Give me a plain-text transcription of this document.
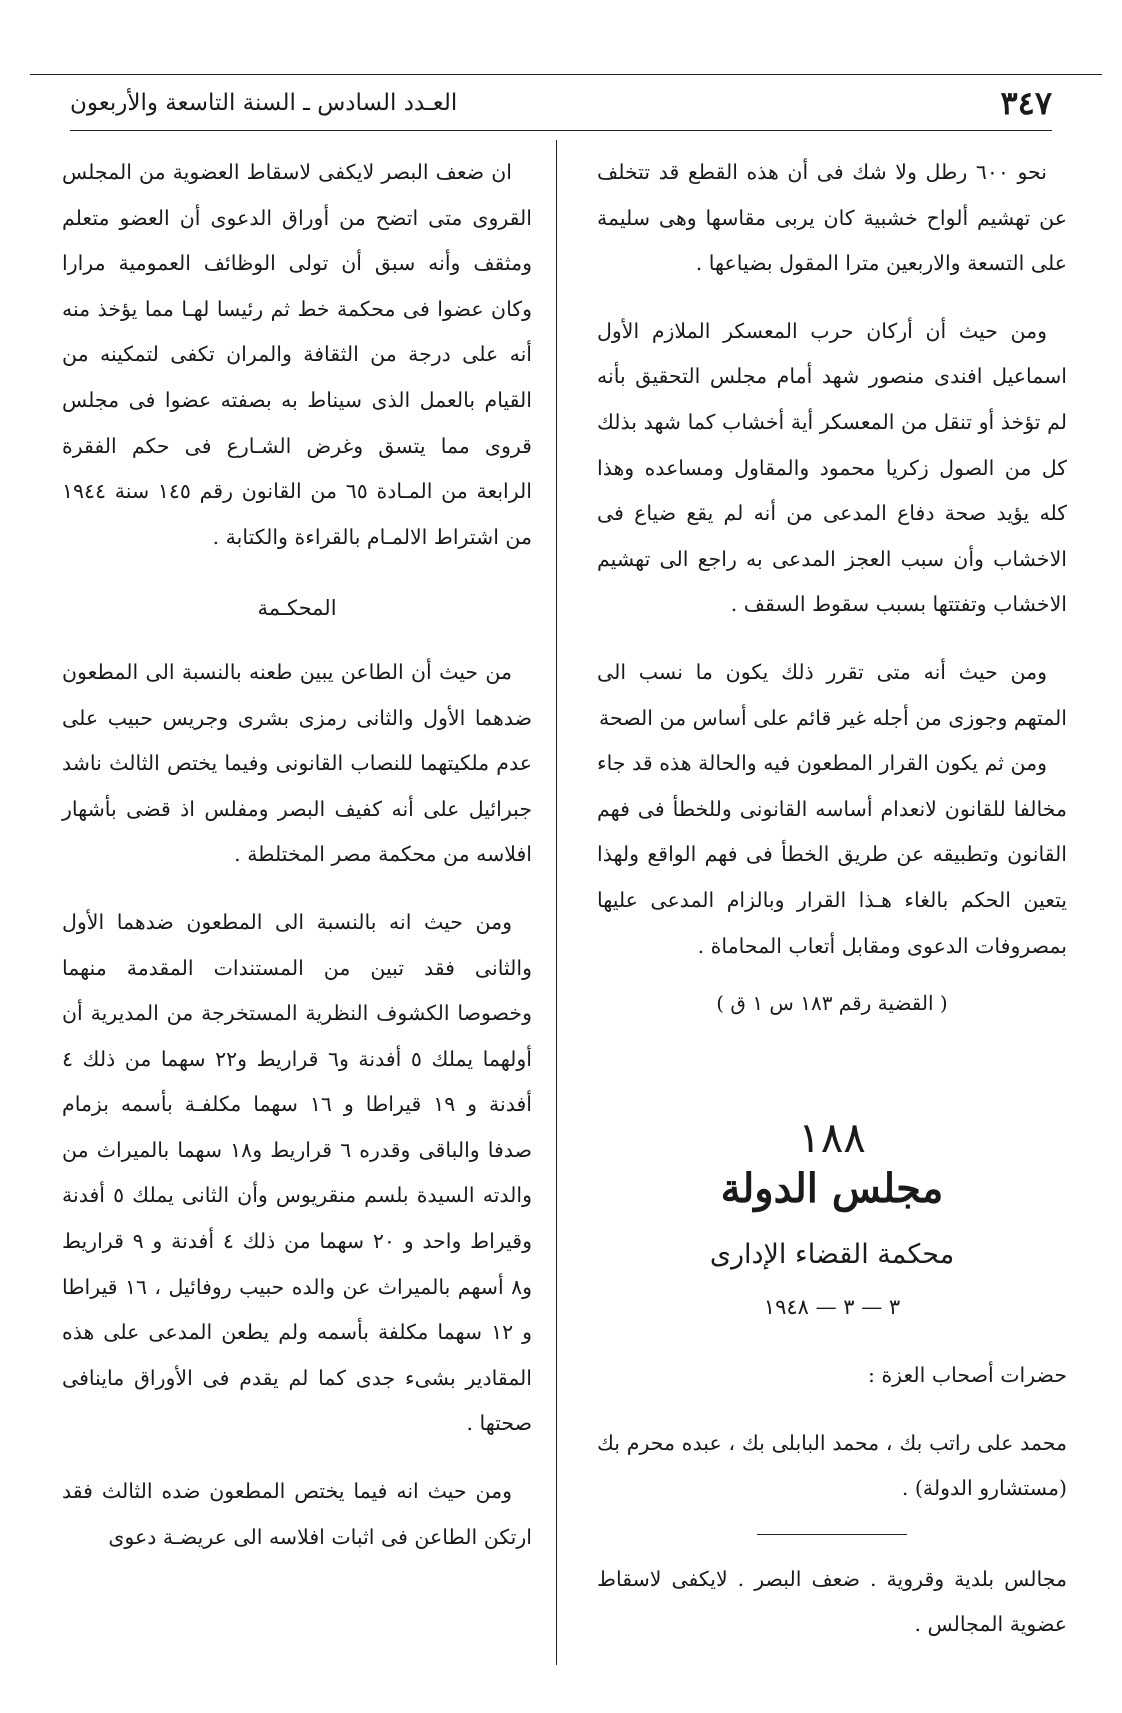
٣٤٧
العـدد السادس ـ السنة التاسعة والأربعون

نحو ٦٠٠ رطل ولا شك فى أن هذه القطع قد تتخلف عن تهشيم ألواح خشبية كان يربى مقاسها وهى سليمة على التسعة والاربعين مترا المقول بضياعها .

ومن حيث أن أركان حرب المعسكر الملازم الأول اسماعيل افندى منصور شهد أمام مجلس التحقيق بأنه لم تؤخذ أو تنقل من المعسكر أية أخشاب كما شهد بذلك كل من الصول زكريا محمود والمقاول ومساعده وهذا كله يؤيد صحة دفاع المدعى من أنه لم يقع ضياع فى الاخشاب وأن سبب العجز المدعى به راجع الى تهشيم الاخشاب وتفتتها بسبب سقوط السقف .

ومن حيث أنه متى تقرر ذلك يكون ما نسب الى المتهم وجوزى من أجله غير قائم على أساس من الصحة

ومن ثم يكون القرار المطعون فيه والحالة هذه قد جاء مخالفا للقانون لانعدام أساسه القانونى وللخطأ فى فهم القانون وتطبيقه عن طريق الخطأ فى فهم الواقع ولهذا يتعين الحكم بالغاء هـذا القرار وبالزام المدعى عليها بمصروفات الدعوى ومقابل أتعاب المحاماة .

( القضية رقم ١٨٣ س ١ ق )
١٨٨
مجلس الدولة
محكمة القضاء الإدارى
٣ — ٣ — ١٩٤٨

حضرات أصحاب العزة :

محمد على راتب بك ، محمد البابلى بك ، عبده محرم بك (مستشارو الدولة) .

مجالس بلدية وقروية . ضعف البصر . لايكفى لاسقاط عضوية المجالس .

ان ضعف البصر لايكفى لاسقاط العضوية من المجلس القروى متى اتضح من أوراق الدعوى أن العضو متعلم ومثقف وأنه سبق أن تولى الوظائف العمومية مرارا وكان عضوا فى محكمة خط ثم رئيسا لهـا مما يؤخذ منه أنه على درجة من الثقافة والمران تكفى لتمكينه من القيام بالعمل الذى سيناط به بصفته عضوا فى مجلس قروى مما يتسق وغرض الشـارع فى حكم الفقرة الرابعة من المـادة ٦٥ من القانون رقم ١٤٥ سنة ١٩٤٤ من اشتراط الالمـام بالقراءة والكتابة .

المحكـمة

من حيث أن الطاعن يبين طعنه بالنسبة الى المطعون ضدهما الأول والثانى رمزى بشرى وجريس حبيب على عدم ملكيتهما للنصاب القانونى وفيما يختص الثالث ناشد جبرائيل على أنه كفيف البصر ومفلس اذ قضى بأشهار افلاسه من محكمة مصر المختلطة .

ومن حيث انه بالنسبة الى المطعون ضدهما الأول والثانى فقد تبين من المستندات المقدمة منهما وخصوصا الكشوف النظرية المستخرجة من المديرية أن أولهما يملك ٥ أفدنة و٦ قراريط و٢٢ سهما من ذلك ٤ أفدنة و ١٩ قيراطا و ١٦ سهما مكلفـة بأسمه بزمام صدفا والباقى وقدره ٦ قراريط و١٨ سهما بالميراث من والدته السيدة بلسم منقريوس وأن الثانى يملك ٥ أفدنة وقيراط واحد و ٢٠ سهما من ذلك ٤ أفدنة و ٩ قراريط و٨ أسهم بالميراث عن والده حبيب روفائيل ، ١٦ قيراطا و ١٢ سهما مكلفة بأسمه ولم يطعن المدعى على هذه المقادير بشىء جدى كما لم يقدم فى الأوراق ماينافى صحتها .

ومن حيث انه فيما يختص المطعون ضده الثالث فقد ارتكن الطاعن فى اثبات افلاسه الى عريضـة دعوى
